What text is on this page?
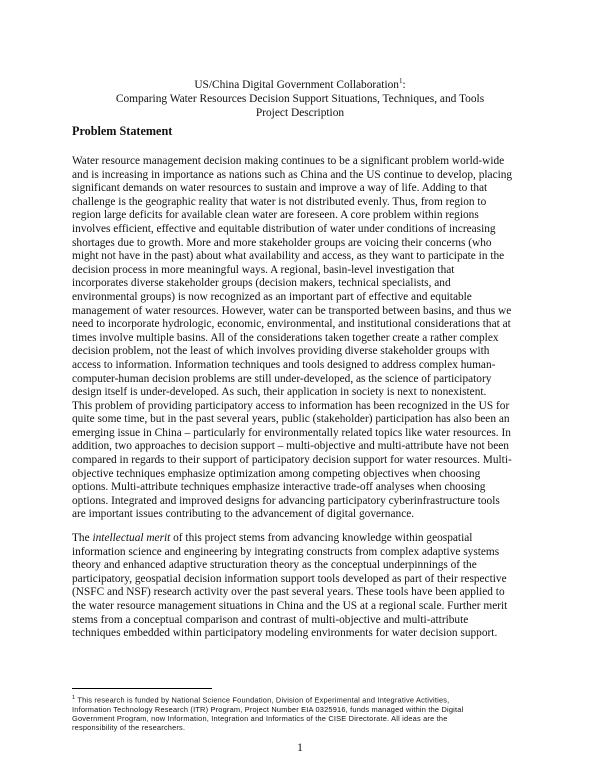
US/China Digital Government Collaboration$^1$:
Comparing Water Resources Decision Support Situations, Techniques, and Tools
Project Description
Problem Statement
Water resource management decision making continues to be a significant problem world-wide
and is increasing in importance as nations such as China and the US continue to develop, placing
significant demands on water resources to sustain and improve a way of life. Adding to that
challenge is the geographic reality that water is not distributed evenly. Thus, from region to
region large deficits for available clean water are foreseen. A core problem within regions
involves efficient, effective and equitable distribution of water under conditions of increasing
shortages due to growth. More and more stakeholder groups are voicing their concerns (who
might not have in the past) about what availability and access, as they want to participate in the
decision process in more meaningful ways. A regional, basin-level investigation that
incorporates diverse stakeholder groups (decision makers, technical specialists, and
environmental groups) is now recognized as an important part of effective and equitable
management of water resources. However, water can be transported between basins, and thus we
need to incorporate hydrologic, economic, environmental, and institutional considerations that at
times involve multiple basins. All of the considerations taken together create a rather complex
decision problem, not the least of which involves providing diverse stakeholder groups with
access to information. Information techniques and tools designed to address complex human-
computer-human decision problems are still under-developed, as the science of participatory
design itself is under-developed. As such, their application in society is next to nonexistent.
This problem of providing participatory access to information has been recognized in the US for
quite some time, but in the past several years, public (stakeholder) participation has also been an
emerging issue in China – particularly for environmentally related topics like water resources. In
addition, two approaches to decision support – multi-objective and multi-attribute have not been
compared in regards to their support of participatory decision support for water resources. Multi-
objective techniques emphasize optimization among competing objectives when choosing
options. Multi-attribute techniques emphasize interactive trade-off analyses when choosing
options. Integrated and improved designs for advancing participatory cyberinfrastructure tools
are important issues contributing to the advancement of digital governance.
The intellectual merit of this project stems from advancing knowledge within geospatial
information science and engineering by integrating constructs from complex adaptive systems
theory and enhanced adaptive structuration theory as the conceptual underpinnings of the
participatory, geospatial decision information support tools developed as part of their respective
(NSFC and NSF) research activity over the past several years. These tools have been applied to
the water resource management situations in China and the US at a regional scale. Further merit
stems from a conceptual comparison and contrast of multi-objective and multi-attribute
techniques embedded within participatory modeling environments for water decision support.
$^1$ This research is funded by National Science Foundation, Division of Experimental and Integrative Activities,
Information Technology Research (ITR) Program, Project Number EIA 0325916, funds managed within the Digital
Government Program, now Information, Integration and Informatics of the CISE Directorate. All ideas are the
responsibility of the researchers.
1
